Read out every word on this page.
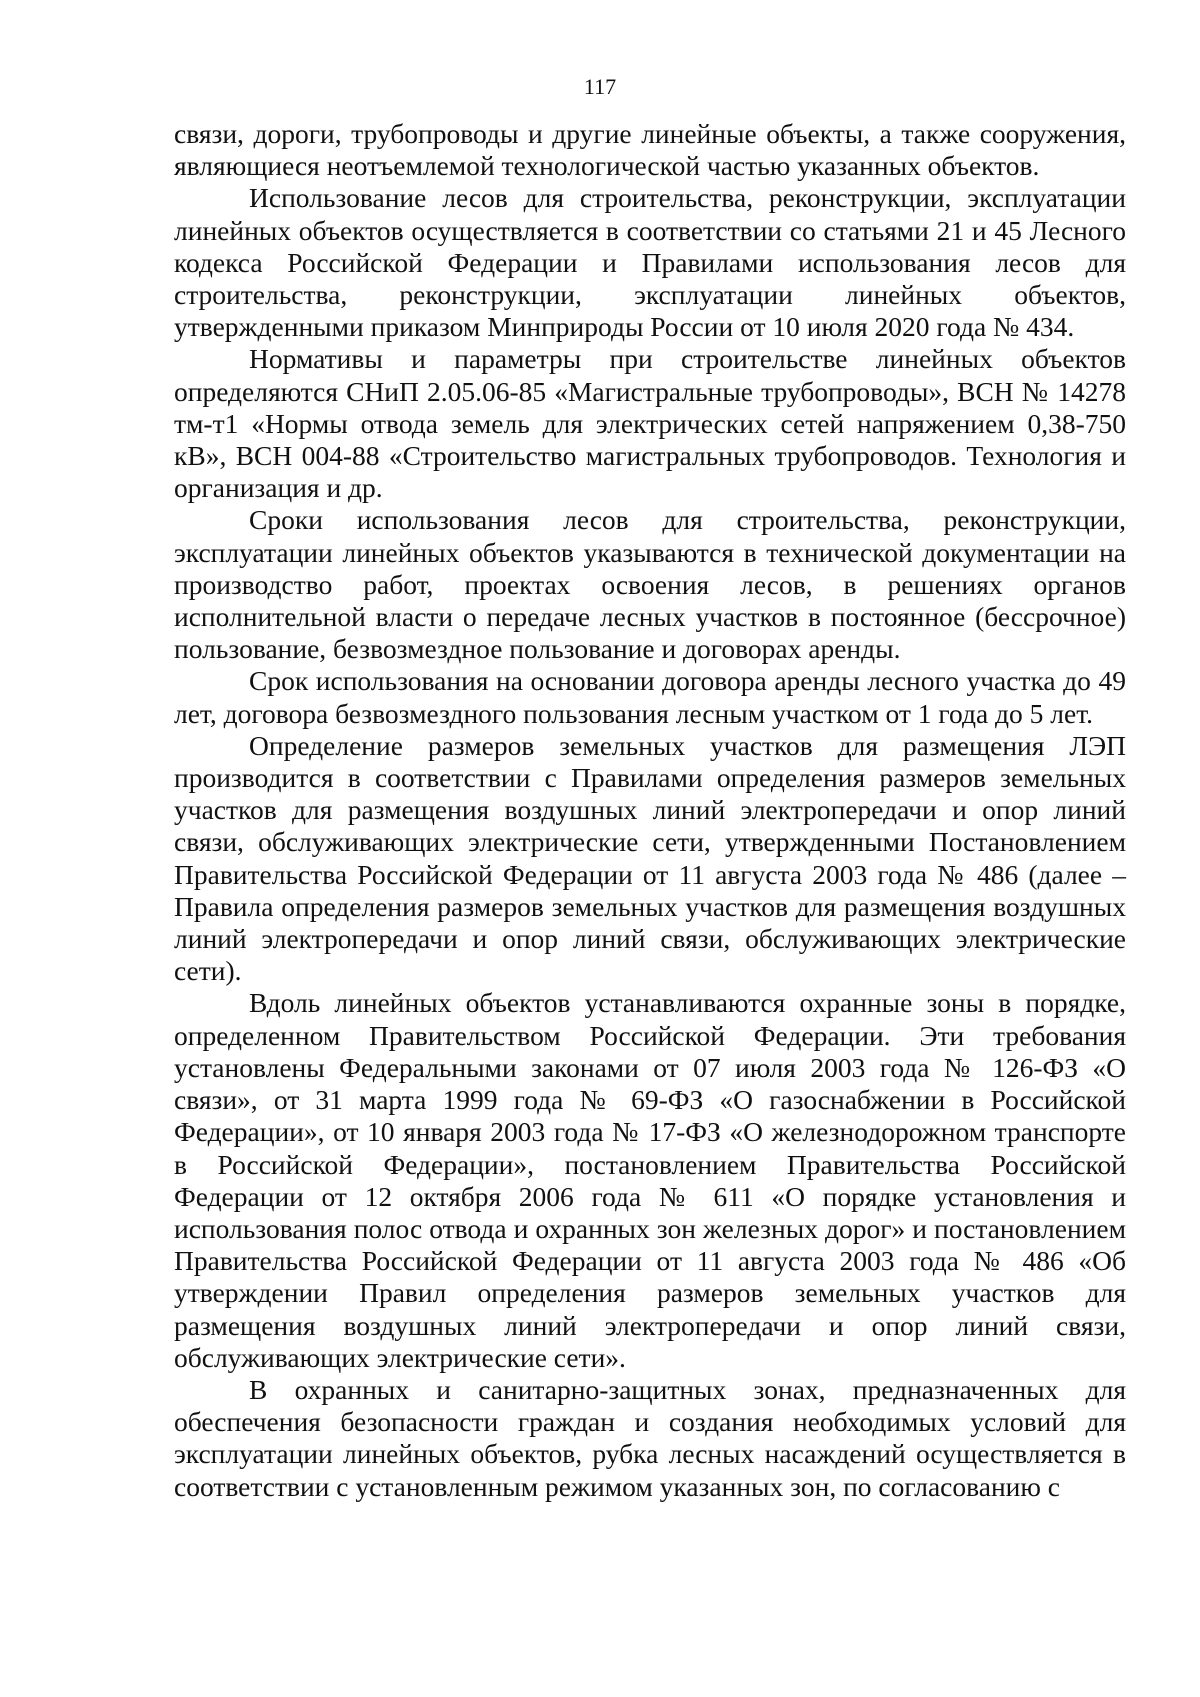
117

связи, дороги, трубопроводы и другие линейные объекты, а также сооружения, являющиеся неотъемлемой технологической частью указанных объектов.

Использование лесов для строительства, реконструкции, эксплуатации линейных объектов осуществляется в соответствии со статьями 21 и 45 Лесного кодекса Российской Федерации и Правилами использования лесов для строительства, реконструкции, эксплуатации линейных объектов, утвержденными приказом Минприроды России от 10 июля 2020 года № 434.

Нормативы и параметры при строительстве линейных объектов определяются СНиП 2.05.06-85 «Магистральные трубопроводы», ВСН № 14278 тм-т1 «Нормы отвода земель для электрических сетей напряжением 0,38-750 кВ», ВСН 004-88 «Строительство магистральных трубопроводов. Технология и организация и др.

Сроки использования лесов для строительства, реконструкции, эксплуатации линейных объектов указываются в технической документации на производство работ, проектах освоения лесов, в решениях органов исполнительной власти о передаче лесных участков в постоянное (бессрочное) пользование, безвозмездное пользование и договорах аренды.

Срок использования на основании договора аренды лесного участка до 49 лет, договора безвозмездного пользования лесным участком от 1 года до 5 лет.

Определение размеров земельных участков для размещения ЛЭП производится в соответствии с Правилами определения размеров земельных участков для размещения воздушных линий электропередачи и опор линий связи, обслуживающих электрические сети, утвержденными Постановлением Правительства Российской Федерации от 11 августа 2003 года № 486 (далее – Правила определения размеров земельных участков для размещения воздушных линий электропередачи и опор линий связи, обслуживающих электрические сети).

Вдоль линейных объектов устанавливаются охранные зоны в порядке, определенном Правительством Российской Федерации. Эти требования установлены Федеральными законами от 07 июля 2003 года № 126-ФЗ «О связи», от 31 марта 1999 года № 69-ФЗ «О газоснабжении в Российской Федерации», от 10 января 2003 года № 17-ФЗ «О железнодорожном транспорте в Российской Федерации», постановлением Правительства Российской Федерации от 12 октября 2006 года № 611 «О порядке установления и использования полос отвода и охранных зон железных дорог» и постановлением Правительства Российской Федерации от 11 августа 2003 года № 486 «Об утверждении Правил определения размеров земельных участков для размещения воздушных линий электропередачи и опор линий связи, обслуживающих электрические сети».

В охранных и санитарно-защитных зонах, предназначенных для обеспечения безопасности граждан и создания необходимых условий для эксплуатации линейных объектов, рубка лесных насаждений осуществляется в соответствии с установленным режимом указанных зон, по согласованию с
